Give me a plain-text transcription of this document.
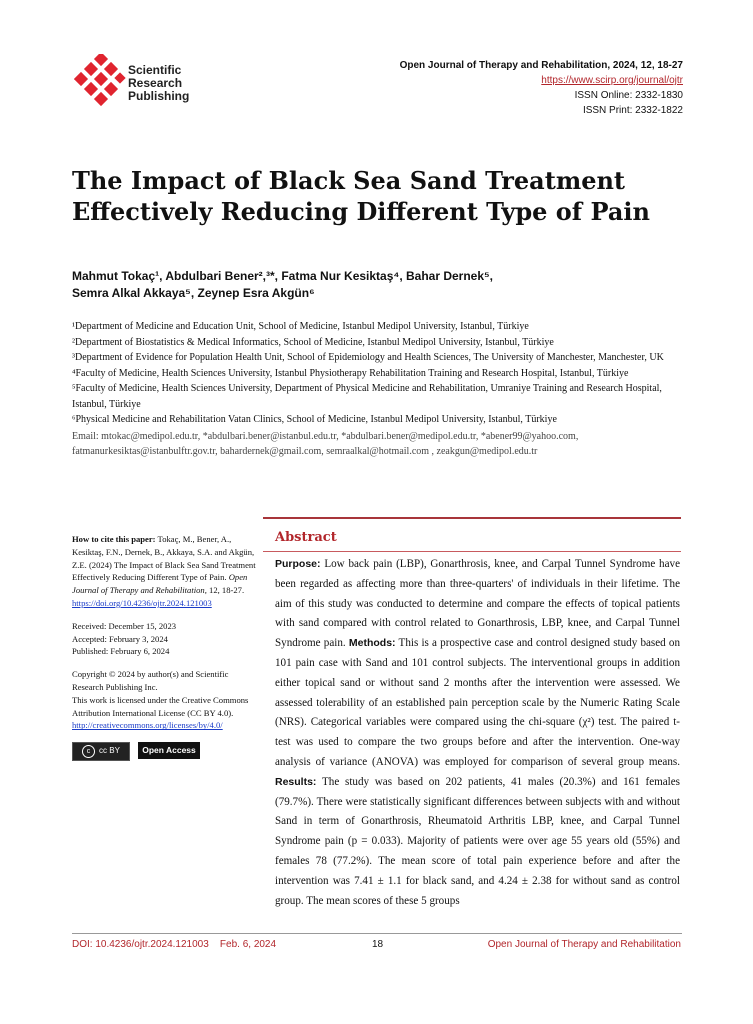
Scientific
Research
Publishing
Open Journal of Therapy and Rehabilitation, 2024, 12, 18-27
https://www.scirp.org/journal/ojtr
ISSN Online: 2332-1830
ISSN Print: 2332-1822
The Impact of Black Sea Sand Treatment Effectively Reducing Different Type of Pain
Mahmut Tokaç¹, Abdulbari Bener²,³*, Fatma Nur Kesiktaş⁴, Bahar Dernek⁵,
Semra Alkal Akkaya⁵, Zeynep Esra Akgün⁶

¹Department of Medicine and Education Unit, School of Medicine, Istanbul Medipol University, Istanbul, Türkiye

²Department of Biostatistics & Medical Informatics, School of Medicine, Istanbul Medipol University, Istanbul, Türkiye

³Department of Evidence for Population Health Unit, School of Epidemiology and Health Sciences, The University of Manchester, Manchester, UK

⁴Faculty of Medicine, Health Sciences University, Istanbul Physiotherapy Rehabilitation Training and Research Hospital, Istanbul, Türkiye

⁵Faculty of Medicine, Health Sciences University, Department of Physical Medicine and Rehabilitation, Umraniye Training and Research Hospital, Istanbul, Türkiye

⁶Physical Medicine and Rehabilitation Vatan Clinics, School of Medicine, Istanbul Medipol University, Istanbul, Türkiye

Email: mtokac@medipol.edu.tr, *abdulbari.bener@istanbul.edu.tr, *abdulbari.bener@medipol.edu.tr, *abener99@yahoo.com, fatmanurkesiktas@istanbulftr.gov.tr, bahardernek@gmail.com, semraalkal@hotmail.com , zeakgun@medipol.edu.tr

How to cite this paper: Tokaç, M., Bener, A., Kesiktaş, F.N., Dernek, B., Akkaya, S.A. and Akgün, Z.E. (2024) The Impact of Black Sea Sand Treatment Effectively Reducing Different Type of Pain. Open Journal of Therapy and Rehabilitation, 12, 18-27.
https://doi.org/10.4236/ojtr.2024.121003

Received: December 15, 2023
Accepted: February 3, 2024
Published: February 6, 2024

Copyright © 2024 by author(s) and Scientific Research Publishing Inc.
This work is licensed under the Creative Commons Attribution International License (CC BY 4.0).
http://creativecommons.org/licenses/by/4.0/

c	cc BY	Open Access
Abstract
Purpose: Low back pain (LBP), Gonarthrosis, knee, and Carpal Tunnel Syndrome have been regarded as affecting more than three-quarters' of individuals in their lifetime. The aim of this study was conducted to determine and compare the effects of topical patients with sand compared with control related to Gonarthrosis, LBP, knee, and Carpal Tunnel Syndrome pain. Methods: This is a prospective case and control designed study based on 101 pain case with Sand and 101 control subjects. The interventional groups in addition either topical sand or without sand 2 months after the intervention were assessed. We assessed tolerability of an established pain perception scale by the Numeric Rating Scale (NRS). Categorical variables were compared using the chi-square (χ²) test. The paired t-test was used to compare the two groups before and after the intervention. One-way analysis of variance (ANOVA) was employed for comparison of several group means. Results: The study was based on 202 patients, 41 males (20.3%) and 161 females (79.7%). There were statistically significant differences between subjects with and without Sand in term of Gonarthrosis, Rheumatoid Arthritis LBP, knee, and Carpal Tunnel Syndrome pain (p = 0.033). Majority of patients were over age 55 years old (55%) and females 78 (77.2%). The mean score of total pain experience before and after the intervention was 7.41 ± 1.1 for black sand, and 4.24 ± 2.38 for without sand as control group. The mean scores of these 5 groups
DOI: 10.4236/ojtr.2024.121003 Feb. 6, 2024	18	Open Journal of Therapy and Rehabilitation
